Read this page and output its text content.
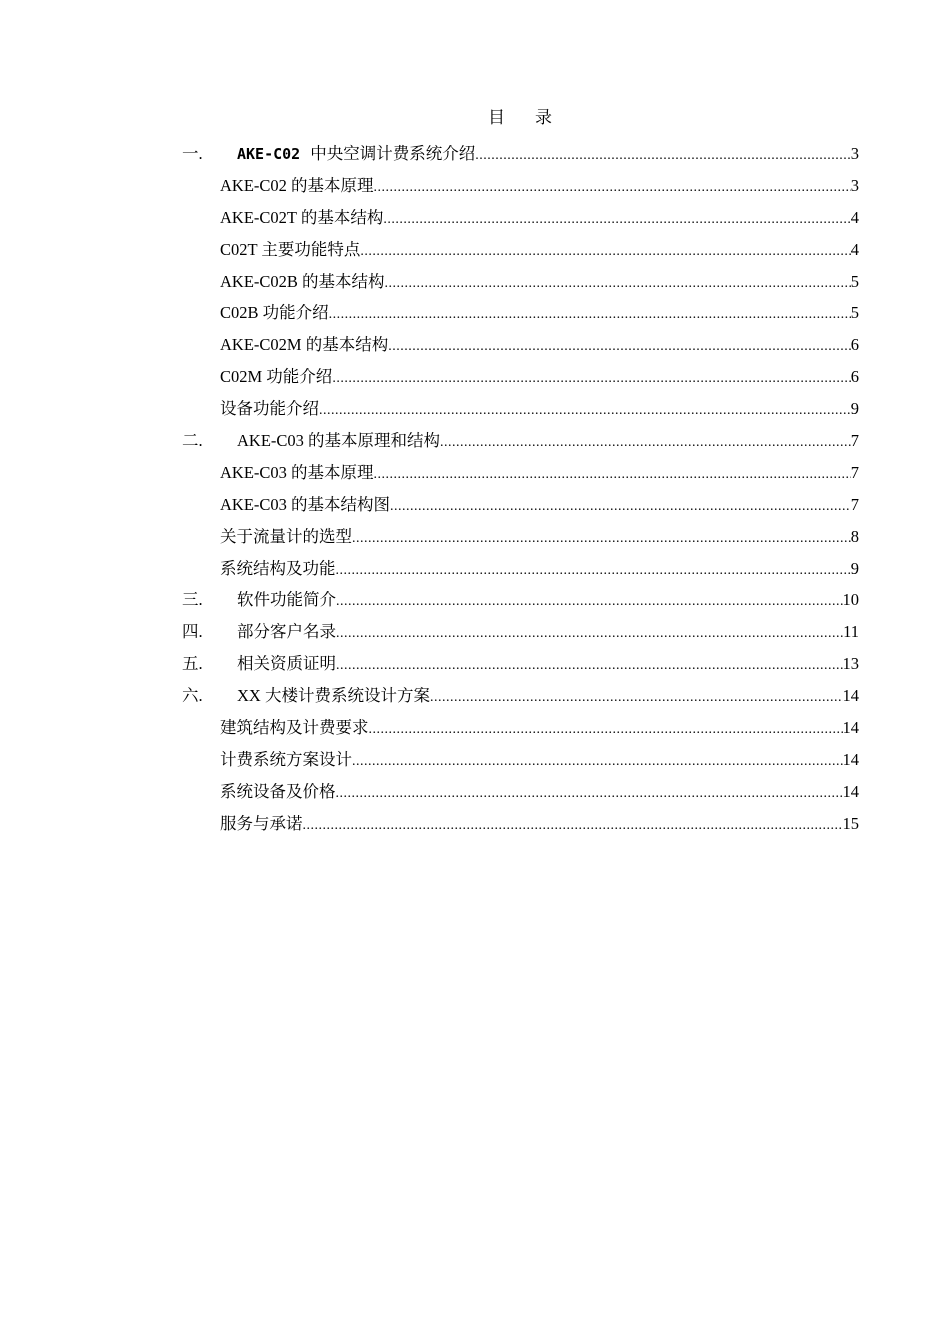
目 录
一.	AKE-C02 中央空调计费系统介绍 .....	3
AKE-C02 的基本原理 .....	3
AKE-C02T 的基本结构 .....	4
C02T 主要功能特点 .....	4
AKE-C02B 的基本结构 .....	5
C02B 功能介绍 .....	5
AKE-C02M 的基本结构 .....	6
C02M 功能介绍 .....	6
设备功能介绍 .....	9
二.	AKE-C03 的基本原理和结构 .....	7
AKE-C03 的基本原理 .....	7
AKE-C03 的基本结构图 .....	7
关于流量计的选型 .....	8
系统结构及功能 .....	9
三.	软件功能简介 .....	10
四.	部分客户名录 .....	11
五.	相关资质证明 .....	13
六.	XX 大楼计费系统设计方案 .....	14
建筑结构及计费要求 .....	14
计费系统方案设计 .....	14
系统设备及价格 .....	14
服务与承诺 .....	15
